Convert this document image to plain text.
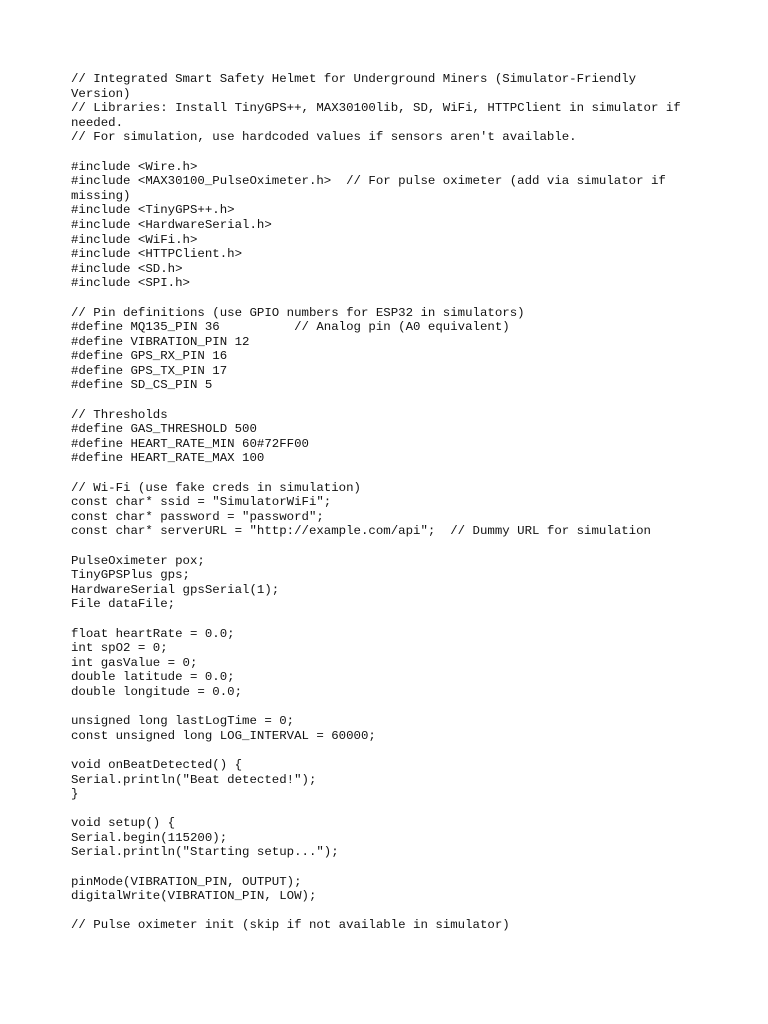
// Integrated Smart Safety Helmet for Underground Miners (Simulator-Friendly
Version)
// Libraries: Install TinyGPS++, MAX30100lib, SD, WiFi, HTTPClient in simulator if
needed.
// For simulation, use hardcoded values if sensors aren't available.
#include <Wire.h>
#include <MAX30100_PulseOximeter.h>  // For pulse oximeter (add via simulator if
missing)
#include <TinyGPS++.h>
#include <HardwareSerial.h>
#include <WiFi.h>
#include <HTTPClient.h>
#include <SD.h>
#include <SPI.h>
// Pin definitions (use GPIO numbers for ESP32 in simulators)
#define MQ135_PIN 36          // Analog pin (A0 equivalent)
#define VIBRATION_PIN 12
#define GPS_RX_PIN 16
#define GPS_TX_PIN 17
#define SD_CS_PIN 5
// Thresholds
#define GAS_THRESHOLD 500
#define HEART_RATE_MIN 60#72FF00
#define HEART_RATE_MAX 100
// Wi-Fi (use fake creds in simulation)
const char* ssid = "SimulatorWiFi";
const char* password = "password";
const char* serverURL = "http://example.com/api";  // Dummy URL for simulation
PulseOximeter pox;
TinyGPSPlus gps;
HardwareSerial gpsSerial(1);
File dataFile;
float heartRate = 0.0;
int spO2 = 0;
int gasValue = 0;
double latitude = 0.0;
double longitude = 0.0;
unsigned long lastLogTime = 0;
const unsigned long LOG_INTERVAL = 60000;
void onBeatDetected() {
Serial.println("Beat detected!");
}
void setup() {
Serial.begin(115200);
Serial.println("Starting setup...");
pinMode(VIBRATION_PIN, OUTPUT);
digitalWrite(VIBRATION_PIN, LOW);
// Pulse oximeter init (skip if not available in simulator)
